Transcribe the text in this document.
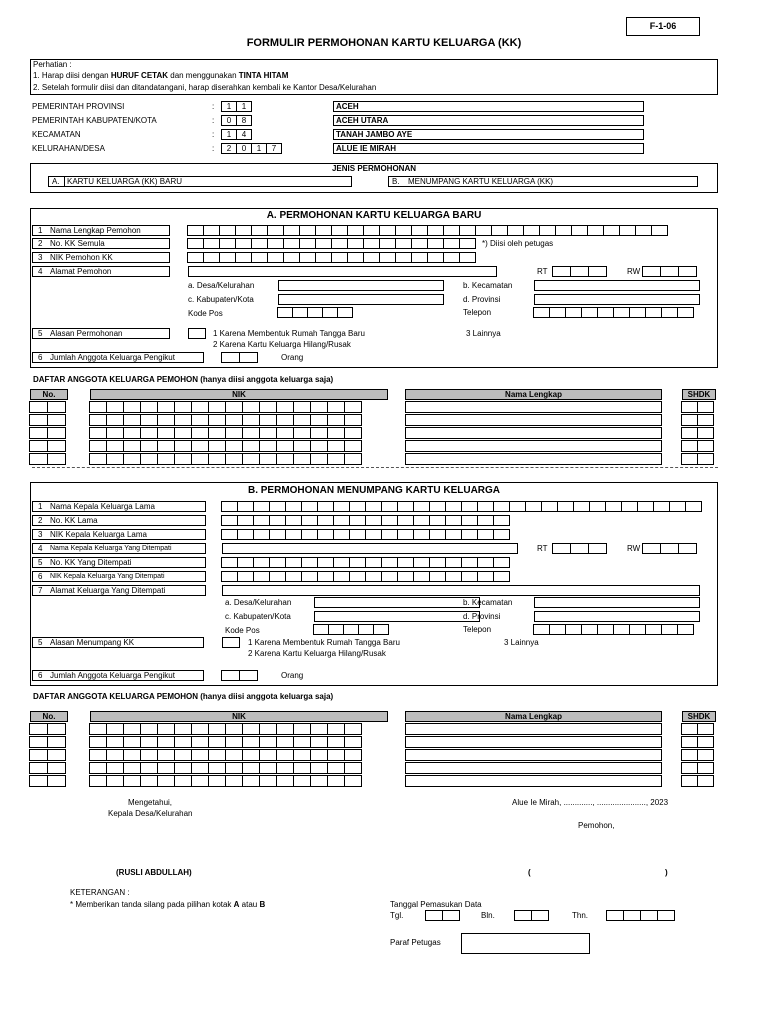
F-1-06
FORMULIR PERMOHONAN KARTU KELUARGA (KK)
Perhatian :
1. Harap diisi dengan HURUF CETAK dan menggunakan TINTA HITAM
2. Setelah formulir diisi dan ditandatangani, harap diserahkan kembali ke Kantor Desa/Kelurahan
PEMERINTAH PROVINSI	:	1	1	ACEH
PEMERINTAH KABUPATEN/KOTA	:	0	8	ACEH UTARA
KECAMATAN	:	1	4	TANAH JAMBO AYE
KELURAHAN/DESA	:	2	0	1	7	ALUE IE MIRAH
JENIS PERMOHONAN
A. KARTU KELUARGA (KK) BARU	B. MENUMPANG KARTU KELUARGA (KK)
A. PERMOHONAN KARTU KELUARGA BARU
1 Nama Lengkap Pemohon
2 No. KK Semula
3 NIK Pemohon KK
4 Alamat Pemohon
*) Diisi oleh petugas
RT	RW
a. Desa/Kelurahan	b. Kecamatan
c. Kabupaten/Kota	d. Provinsi
Kode Pos	Telepon
5 Alasan Permohonan	1 Karena Membentuk Rumah Tangga Baru
2 Karena Kartu Keluarga Hilang/Rusak
3 Lainnya
6 Jumlah Anggota Keluarga Pengikut	Orang
DAFTAR ANGGOTA KELUARGA PEMOHON (hanya diisi anggota keluarga saja)
No.	NIK	Nama Lengkap	SHDK
B. PERMOHONAN MENUMPANG KARTU KELUARGA
1 Nama Kepala Keluarga Lama
2 No. KK Lama
3 NIK Kepala Keluarga Lama
4 Nama Kepala Keluarga Yang Ditempati
5 No. KK Yang Ditempati
6 NIK Kepala Keluarga Yang Ditempati
7 Alamat Keluarga Yang Ditempati
RT	RW
a. Desa/Kelurahan	b. Kecamatan
c. Kabupaten/Kota	d. Provinsi
Kode Pos	Telepon
5 Alasan Menumpang KK	1 Karena Membentuk Rumah Tangga Baru
2 Karena Kartu Keluarga Hilang/Rusak
3 Lainnya
6 Jumlah Anggota Keluarga Pengikut	Orang
DAFTAR ANGGOTA KELUARGA PEMOHON (hanya diisi anggota keluarga saja)
No.	NIK	Nama Lengkap	SHDK
Mengetahui,
Kepala Desa/Kelurahan
Alue Ie Mirah, ............., ......................, 2023
Pemohon,
(RUSLI ABDULLAH)	(	)
KETERANGAN :
* Memberikan tanda silang pada pilihan kotak A atau B	Tanggal Pemasukan Data
Tgl.	Bln.	Thn.
Paraf Petugas
